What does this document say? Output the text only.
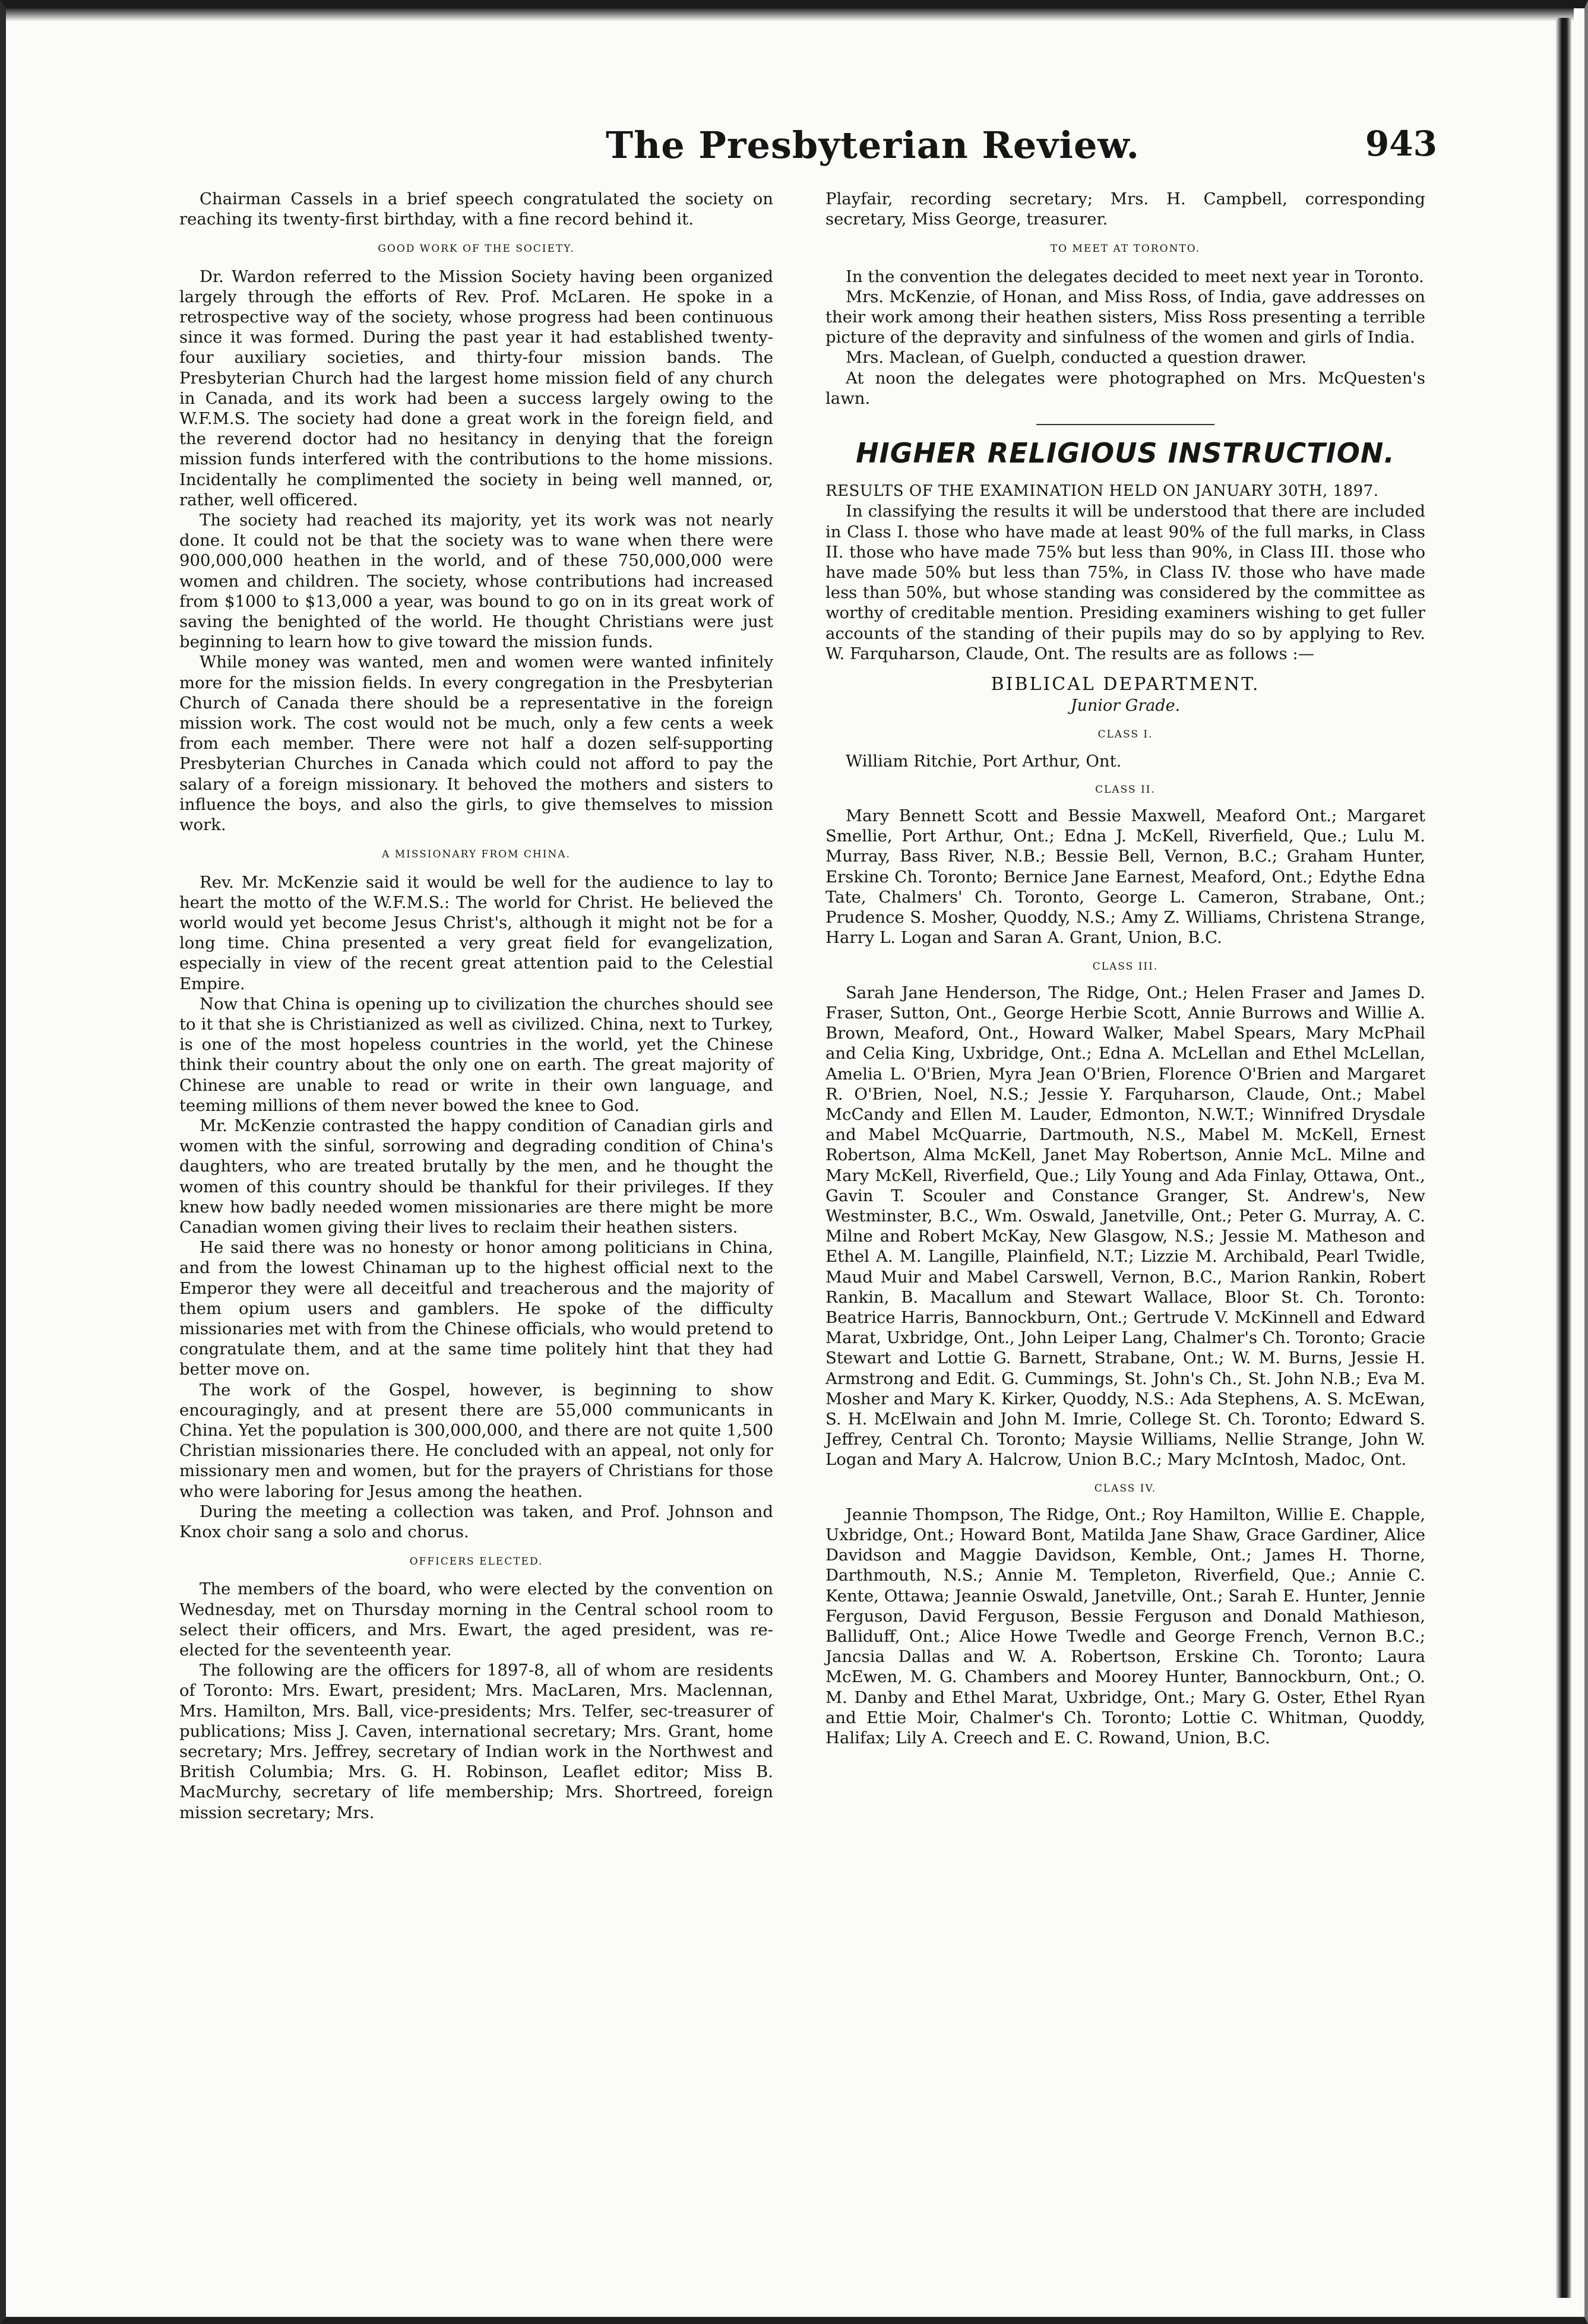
The Presbyterian Review.	943

Chairman Cassels in a brief speech congratulated the society on reaching its twenty-first birthday, with a fine record behind it.

GOOD WORK OF THE SOCIETY.

Dr. Wardon referred to the Mission Society having been organized largely through the efforts of Rev. Prof. McLaren. He spoke in a retrospective way of the society, whose progress had been continuous since it was formed. During the past year it had established twenty-four auxiliary societies, and thirty-four mission bands. The Presbyterian Church had the largest home mission field of any church in Canada, and its work had been a success largely owing to the W.F.M.S. The society had done a great work in the foreign field, and the reverend doctor had no hesitancy in denying that the foreign mission funds interfered with the contributions to the home missions. Incidentally he complimented the society in being well manned, or, rather, well officered.

The society had reached its majority, yet its work was not nearly done. It could not be that the society was to wane when there were 900,000,000 heathen in the world, and of these 750,000,000 were women and children. The society, whose contributions had increased from $1000 to $13,000 a year, was bound to go on in its great work of saving the benighted of the world. He thought Christians were just beginning to learn how to give toward the mission funds.

While money was wanted, men and women were wanted infinitely more for the mission fields. In every congregation in the Presbyterian Church of Canada there should be a representative in the foreign mission work. The cost would not be much, only a few cents a week from each member. There were not half a dozen self-supporting Presbyterian Churches in Canada which could not afford to pay the salary of a foreign missionary. It behoved the mothers and sisters to influence the boys, and also the girls, to give themselves to mission work.

A MISSIONARY FROM CHINA.

Rev. Mr. McKenzie said it would be well for the audience to lay to heart the motto of the W.F.M.S.: The world for Christ. He believed the world would yet become Jesus Christ's, although it might not be for a long time. China presented a very great field for evangelization, especially in view of the recent great attention paid to the Celestial Empire.

Now that China is opening up to civilization the churches should see to it that she is Christianized as well as civilized. China, next to Turkey, is one of the most hopeless countries in the world, yet the Chinese think their country about the only one on earth. The great majority of Chinese are unable to read or write in their own language, and teeming millions of them never bowed the knee to God.

Mr. McKenzie contrasted the happy condition of Canadian girls and women with the sinful, sorrowing and degrading condition of China's daughters, who are treated brutally by the men, and he thought the women of this country should be thankful for their privileges. If they knew how badly needed women missionaries are there might be more Canadian women giving their lives to reclaim their heathen sisters.

He said there was no honesty or honor among politicians in China, and from the lowest Chinaman up to the highest official next to the Emperor they were all deceitful and treacherous and the majority of them opium users and gamblers. He spoke of the difficulty missionaries met with from the Chinese officials, who would pretend to congratulate them, and at the same time politely hint that they had better move on.

The work of the Gospel, however, is beginning to show encouragingly, and at present there are 55,000 communicants in China. Yet the population is 300,000,000, and there are not quite 1,500 Christian missionaries there. He concluded with an appeal, not only for missionary men and women, but for the prayers of Christians for those who were laboring for Jesus among the heathen.

During the meeting a collection was taken, and Prof. Johnson and Knox choir sang a solo and chorus.

OFFICERS ELECTED.

The members of the board, who were elected by the convention on Wednesday, met on Thursday morning in the Central school room to select their officers, and Mrs. Ewart, the aged president, was re-elected for the seventeenth year.

The following are the officers for 1897-8, all of whom are residents of Toronto: Mrs. Ewart, president; Mrs. MacLaren, Mrs. Maclennan, Mrs. Hamilton, Mrs. Ball, vice-presidents; Mrs. Telfer, sec-treasurer of publications; Miss J. Caven, international secretary; Mrs. Grant, home secretary; Mrs. Jeffrey, secretary of Indian work in the Northwest and British Columbia; Mrs. G. H. Robinson, Leaflet editor; Miss B. MacMurchy, secretary of life membership; Mrs. Shortreed, foreign mission secretary; Mrs.

Playfair, recording secretary; Mrs. H. Campbell, corresponding secretary, Miss George, treasurer.

TO MEET AT TORONTO.

In the convention the delegates decided to meet next year in Toronto.

Mrs. McKenzie, of Honan, and Miss Ross, of India, gave addresses on their work among their heathen sisters, Miss Ross presenting a terrible picture of the depravity and sinfulness of the women and girls of India.

Mrs. Maclean, of Guelph, conducted a question drawer.

At noon the delegates were photographed on Mrs. McQuesten's lawn.

HIGHER RELIGIOUS INSTRUCTION.

RESULTS OF THE EXAMINATION HELD ON JANUARY 30TH, 1897.

In classifying the results it will be understood that there are included in Class I. those who have made at least 90% of the full marks, in Class II. those who have made 75% but less than 90%, in Class III. those who have made 50% but less than 75%, in Class IV. those who have made less than 50%, but whose standing was considered by the committee as worthy of creditable mention. Presiding examiners wishing to get fuller accounts of the standing of their pupils may do so by applying to Rev. W. Farquharson, Claude, Ont. The results are as follows :—

BIBLICAL DEPARTMENT.
Junior Grade.
CLASS I.

William Ritchie, Port Arthur, Ont.

CLASS II.

Mary Bennett Scott and Bessie Maxwell, Meaford Ont.; Margaret Smellie, Port Arthur, Ont.; Edna J. McKell, Riverfield, Que.; Lulu M. Murray, Bass River, N.B.; Bessie Bell, Vernon, B.C.; Graham Hunter, Erskine Ch. Toronto; Bernice Jane Earnest, Meaford, Ont.; Edythe Edna Tate, Chalmers' Ch. Toronto, George L. Cameron, Strabane, Ont.; Prudence S. Mosher, Quoddy, N.S.; Amy Z. Williams, Christena Strange, Harry L. Logan and Saran A. Grant, Union, B.C.

CLASS III.

Sarah Jane Henderson, The Ridge, Ont.; Helen Fraser and James D. Fraser, Sutton, Ont., George Herbie Scott, Annie Burrows and Willie A. Brown, Meaford, Ont., Howard Walker, Mabel Spears, Mary McPhail and Celia King, Uxbridge, Ont.; Edna A. McLellan and Ethel McLellan, Amelia L. O'Brien, Myra Jean O'Brien, Florence O'Brien and Margaret R. O'Brien, Noel, N.S.; Jessie Y. Farquharson, Claude, Ont.; Mabel McCandy and Ellen M. Lauder, Edmonton, N.W.T.; Winnifred Drysdale and Mabel McQuarrie, Dartmouth, N.S., Mabel M. McKell, Ernest Robertson, Alma McKell, Janet May Robertson, Annie McL. Milne and Mary McKell, Riverfield, Que.; Lily Young and Ada Finlay, Ottawa, Ont., Gavin T. Scouler and Constance Granger, St. Andrew's, New Westminster, B.C., Wm. Oswald, Janetville, Ont.; Peter G. Murray, A. C. Milne and Robert McKay, New Glasgow, N.S.; Jessie M. Matheson and Ethel A. M. Langille, Plainfield, N.T.; Lizzie M. Archibald, Pearl Twidle, Maud Muir and Mabel Carswell, Vernon, B.C., Marion Rankin, Robert Rankin, B. Macallum and Stewart Wallace, Bloor St. Ch. Toronto: Beatrice Harris, Bannockburn, Ont.; Gertrude V. McKinnell and Edward Marat, Uxbridge, Ont., John Leiper Lang, Chalmer's Ch. Toronto; Gracie Stewart and Lottie G. Barnett, Strabane, Ont.; W. M. Burns, Jessie H. Armstrong and Edit. G. Cummings, St. John's Ch., St. John N.B.; Eva M. Mosher and Mary K. Kirker, Quoddy, N.S.: Ada Stephens, A. S. McEwan, S. H. McElwain and John M. Imrie, College St. Ch. Toronto; Edward S. Jeffrey, Central Ch. Toronto; Maysie Williams, Nellie Strange, John W. Logan and Mary A. Halcrow, Union B.C.; Mary McIntosh, Madoc, Ont.

CLASS IV.

Jeannie Thompson, The Ridge, Ont.; Roy Hamilton, Willie E. Chapple, Uxbridge, Ont.; Howard Bont, Matilda Jane Shaw, Grace Gardiner, Alice Davidson and Maggie Davidson, Kemble, Ont.; James H. Thorne, Darthmouth, N.S.; Annie M. Templeton, Riverfield, Que.; Annie C. Kente, Ottawa; Jeannie Oswald, Janetville, Ont.; Sarah E. Hunter, Jennie Ferguson, David Ferguson, Bessie Ferguson and Donald Mathieson, Balliduff, Ont.; Alice Howe Twedle and George French, Vernon B.C.; Jancsia Dallas and W. A. Robertson, Erskine Ch. Toronto; Laura McEwen, M. G. Chambers and Moorey Hunter, Bannockburn, Ont.; O. M. Danby and Ethel Marat, Uxbridge, Ont.; Mary G. Oster, Ethel Ryan and Ettie Moir, Chalmer's Ch. Toronto; Lottie C. Whitman, Quoddy, Halifax; Lily A. Creech and E. C. Rowand, Union, B.C.
